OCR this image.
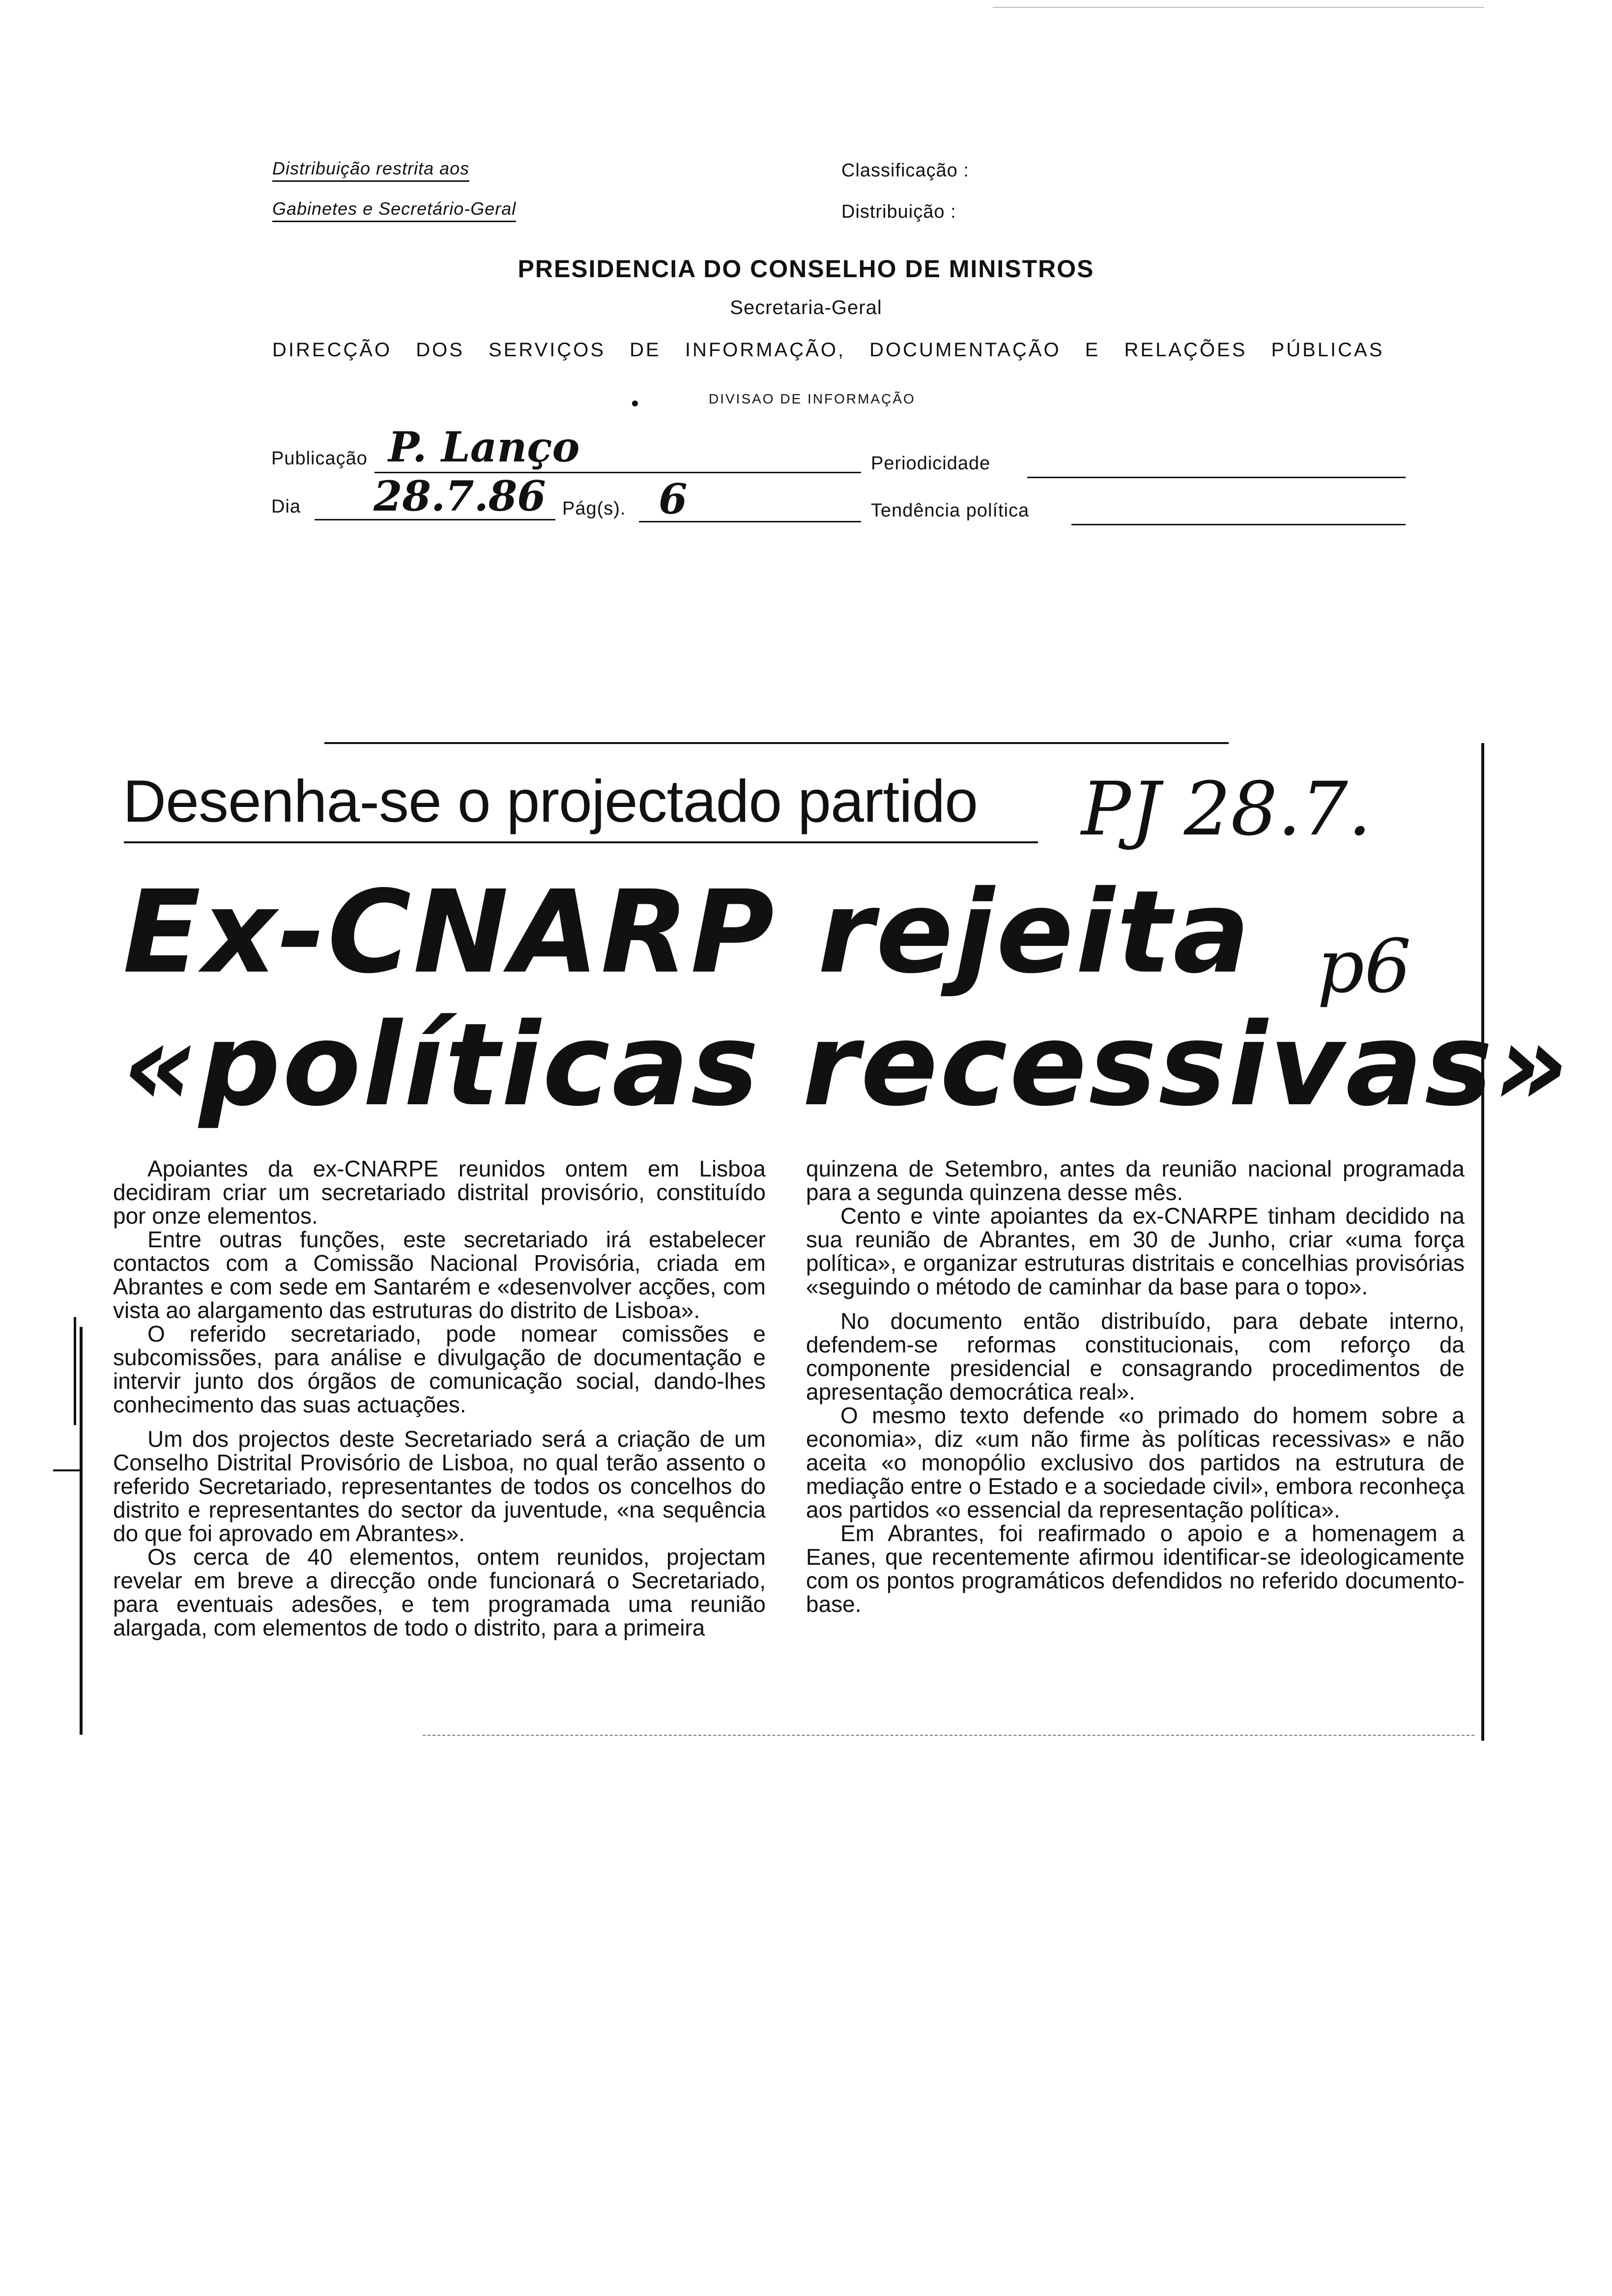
Distribuição restrita aos
Gabinetes e Secretário-Geral
Classificação :
Distribuição :
PRESIDENCIA DO CONSELHO DE MINISTROS
Secretaria-Geral
DIRECÇÃO DOS SERVIÇOS DE INFORMAÇÃO, DOCUMENTAÇÃO E RELAÇÕES PÚBLICAS
DIVISAO DE INFORMAÇÃO
Publicação P. Lanço	Periodicidade
Dia 28.7.86 Pág(s). 6	Tendência política
Desenha-se o projectado partido PJ 28.7.
p6
Ex-CNARP rejeita
«políticas recessivas»

Apoiantes da ex-CNARPE reunidos ontem em Lisboa decidiram criar um secretariado distrital provisório, constituído por onze elementos.

Entre outras funções, este secretariado irá estabelecer contactos com a Comissão Nacional Provisória, criada em Abrantes e com sede em Santarém e «desenvolver acções, com vista ao alargamento das estruturas do distrito de Lisboa».

O referido secretariado, pode nomear comissões e subcomissões, para análise e divulgação de documentação e intervir junto dos órgãos de comunicação social, dando-lhes conhecimento das suas actuações.

Um dos projectos deste Secretariado será a criação de um Conselho Distrital Provisório de Lisboa, no qual terão assento o referido Secretariado, representantes de todos os concelhos do distrito e representantes do sector da juventude, «na sequência do que foi aprovado em Abrantes».

Os cerca de 40 elementos, ontem reunidos, projectam revelar em breve a direcção onde funcionará o Secretariado, para eventuais adesões, e tem programada uma reunião alargada, com elementos de todo o distrito, para a primeira

quinzena de Setembro, antes da reunião nacional programada para a segunda quinzena desse mês.

Cento e vinte apoiantes da ex-CNARPE tinham decidido na sua reunião de Abrantes, em 30 de Junho, criar «uma força política», e organizar estruturas distritais e concelhias provisórias «seguindo o método de caminhar da base para o topo».

No documento então distribuído, para debate interno, defendem-se reformas constitucionais, com reforço da componente presidencial e consagrando procedimentos de apresentação democrática real».

O mesmo texto defende «o primado do homem sobre a economia», diz «um não firme às políticas recessivas» e não aceita «o monopólio exclusivo dos partidos na estrutura de mediação entre o Estado e a sociedade civil», embora reconheça aos partidos «o essencial da representação política».

Em Abrantes, foi reafirmado o apoio e a homenagem a Eanes, que recentemente afirmou identificar-se ideologicamente com os pontos programáticos defendidos no referido documento-base.
